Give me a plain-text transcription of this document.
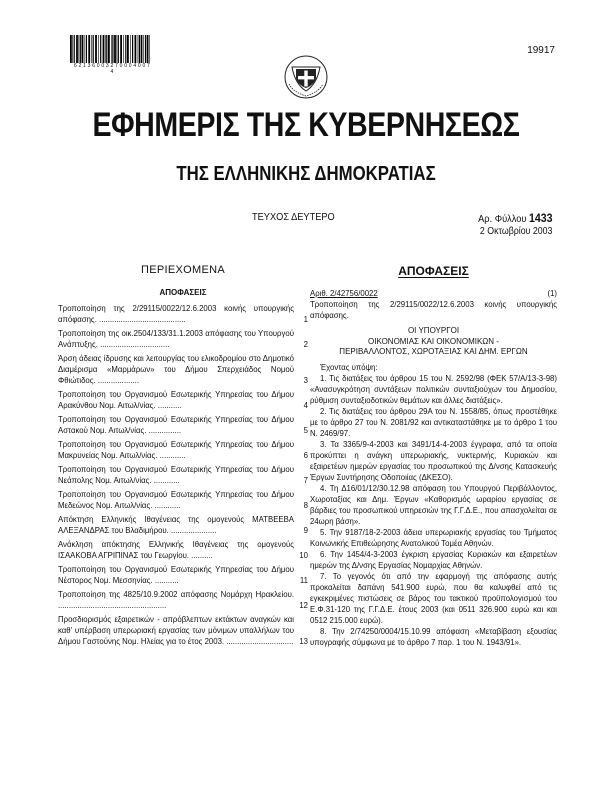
6 2 1 3 6 0 0 3 2 7 0 0 0 4 0 0 7 4
19917
ΕΦΗΜΕΡΙΣ ΤΗΣ ΚΥΒΕΡΝΗΣΕΩΣ
ΤΗΣ ΕΛΛΗΝΙΚΗΣ ΔΗΜΟΚΡΑΤΙΑΣ
ΤΕΥΧΟΣ ΔΕΥΤΕΡΟ	Αρ. Φύλλου 1433
2 Οκτωβρίου 2003
ΠΕΡΙΕΧΟΜΕΝΑ
ΑΠΟΦΑΣΕΙΣ
Τροποποίηση της 2/29115/0022/12.6.2003 κοινής υπουργικής απόφασης. ........................................	1
Τροποποίηση της οικ.2504/133/31.1.2003 απόφασης του Υπουργού Ανάπτυξης. ................................	2
Άρση άδειας ίδρυσης και λειτουργίας του ελικοδρομίου στο Δημοτικό Διαμέρισμα «Μαρμάρων» του Δήμου Σπερχειάδος Νομού Φθιώτιδος. ...................	3
Τροποποίηση του Οργανισμού Εσωτερικής Υπηρεσίας του Δήμου Αρακύνθου Νομ. Αιτωλ/νίας. ...........	4
Τροποποίηση του Οργανισμού Εσωτερικής Υπηρεσίας του Δήμου Αστακού Νομ. Αιτωλ/νίας. ...............	5
Τροποποίηση του Οργανισμού Εσωτερικής Υπηρεσίας του Δήμου Μακρυνείας Νομ. Αιτωλ/νίας. ............	6
Τροποποίηση του Οργανισμού Εσωτερικής Υπηρεσίας του Δήμου Νεάπολης Νομ. Αιτωλ/νίας. ............	7
Τροποποίηση του Οργανισμού Εσωτερικής Υπηρεσίας του Δήμου Μεδεώνος Νομ. Αιτωλ/νίας. ............	8
Απόκτηση Ελληνικής Ιθαγένειας της ομογενούς ΜΑΤΒΕΕΒΑ ΑΛΕΞΑΝΔΡΑΣ του Βλαδιμήρου. .....................	9
Ανάκληση απόκτησης Ελληνικής Ιθαγένειας της ομογενούς ΙΣΑΑΚΟΒΑ ΑΓΡΙΠΙΝΑΣ του Γεωργίου. ..........	10
Τροποποίηση του Οργανισμού Εσωτερικής Υπηρεσίας του Δήμου Νέστορος Νομ. Μεσσηνίας. ...........	11
Τροποποίηση της 4825/10.9.2002 απόφασης Νομάρχη Ηρακλείου. ..................................................	12
Προσδιορισμός εξαιρετικών - απρόβλεπτων εκτάκτων αναγκών και καθ' υπέρβαση υπερωριακή εργασίας των μόνιμων υπαλλήλων του Δήμου Γαστούνης Νομ. Ηλείας για το έτος 2003. ............................... 13
ΑΠΟΦΑΣΕΙΣ
Αριθ. 2/42756/0022	(1)
Τροποποίηση της 2/29115/0022/12.6.2003 κοινής υπουργικής απόφασης.
ΟΙ ΥΠΟΥΡΓΟΙ
ΟΙΚΟΝΟΜΙΑΣ ΚΑΙ ΟΙΚΟΝΟΜΙΚΩΝ -
ΠΕΡΙΒΑΛΛΟΝΤΟΣ, ΧΩΡΟΤΑΞΙΑΣ ΚΑΙ ΔΗΜ. ΕΡΓΩΝ
Έχοντας υπόψη:
1. Τις διατάξεις του άρθρου 15 του Ν. 2592/98 (ΦΕΚ 57/Α/13-3-98) «Ανασυγκρότηση συντάξεων πολιτικών συνταξιούχων του Δημοσίου, ρύθμιση συνταξιοδοτικών θεμάτων και άλλες διατάξεις».
2. Τις διατάξεις του άρθρου 29Α του Ν. 1558/85, όπως προστέθηκε με το άρθρο 27 του Ν. 2081/92 και αντικαταστάθηκε με το άρθρο 1 του Ν. 2469/97.
3. Τα 3365/9-4-2003 και 3491/14-4-2003 έγγραφα, από τα οποία προκύπτει η ανάγκη υπερωριακής, νυκτερινής, Κυριακών και εξαιρετέων ημερών εργασίας του προσωπικού της Δ/νσης Κατασκευής Έργων Συντήρησης Οδοποιίας (ΔΚΕΣΟ).
4. Τη Δ16/01/12/30.12.98 απόφαση του Υπουργού Περιβάλλοντος, Χωροταξίας και Δημ. Έργων «Καθορισμός ωραρίου εργασίας σε βάρδιες του προσωπικού υπηρεσιών της Γ.Γ.Δ.Ε., που απασχολείται σε 24ωρη βάση».
5. Την 9187/18-2-2003 άδεια υπερωριακής εργασίας του Τμήματος Κοινωνικής Επιθεώρησης Ανατολικού Τομέα Αθηνών.
6. Την 1454/4-3-2003 έγκριση εργασίας Κυριακών και εξαιρετέων ημερών της Δ/νσης Εργασίας Νομαρχίας Αθηνών.
7. Το γεγονός ότι από την εφαρμογή της απόφασης αυτής προκαλείται δαπάνη 541.900 ευρώ, που θα καλυφθεί από τις εγκεκριμένες πιστώσεις σε βάρος του τακτικού προϋπολογισμού του Ε.Φ.31-120 της Γ.Γ.Δ.Ε. έτους 2003 (και 0511 326.900 ευρώ και και 0512 215.000 ευρώ).
8. Την 2/74250/0004/15.10.99 απόφαση «Μεταβίβαση εξουσίας υπογραφής σύμφωνα με το άρθρο 7 παρ. 1 του Ν. 1943/91».
